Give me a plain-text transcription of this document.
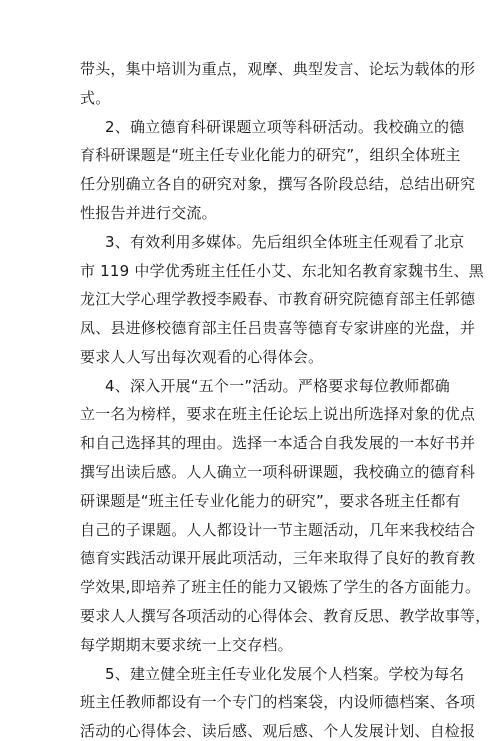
带头，集中培训为重点，观摩、典型发言、论坛为载体的形
式。
2、确立德育科研课题立项等科研活动。我校确立的德
育科研课题是“班主任专业化能力的研究”，组织全体班主
任分别确立各自的研究对象，撰写各阶段总结，总结出研究
性报告并进行交流。
3、有效利用多媒体。先后组织全体班主任观看了北京
市 119 中学优秀班主任任小艾、东北知名教育家魏书生、黑
龙江大学心理学教授李殿春、市教育研究院德育部主任郭德
凤、县进修校德育部主任吕贵喜等德育专家讲座的光盘，并
要求人人写出每次观看的心得体会。
4、深入开展“五个一”活动。严格要求每位教师都确
立一名为榜样，要求在班主任论坛上说出所选择对象的优点
和自己选择其的理由。选择一本适合自我发展的一本好书并
撰写出读后感。人人确立一项科研课题，我校确立的德育科
研课题是“班主任专业化能力的研究”，要求各班主任都有
自己的子课题。人人都设计一节主题活动，几年来我校结合
德育实践活动课开展此项活动，三年来取得了良好的教育教
学效果,即培养了班主任的能力又锻炼了学生的各方面能力。
要求人人撰写各项活动的心得体会、教育反思、教学故事等，
每学期期末要求统一上交存档。
5、建立健全班主任专业化发展个人档案。学校为每名
班主任教师都设有一个专门的档案袋，内设师德档案、各项
活动的心得体会、读后感、观后感、个人发展计划、自检报
